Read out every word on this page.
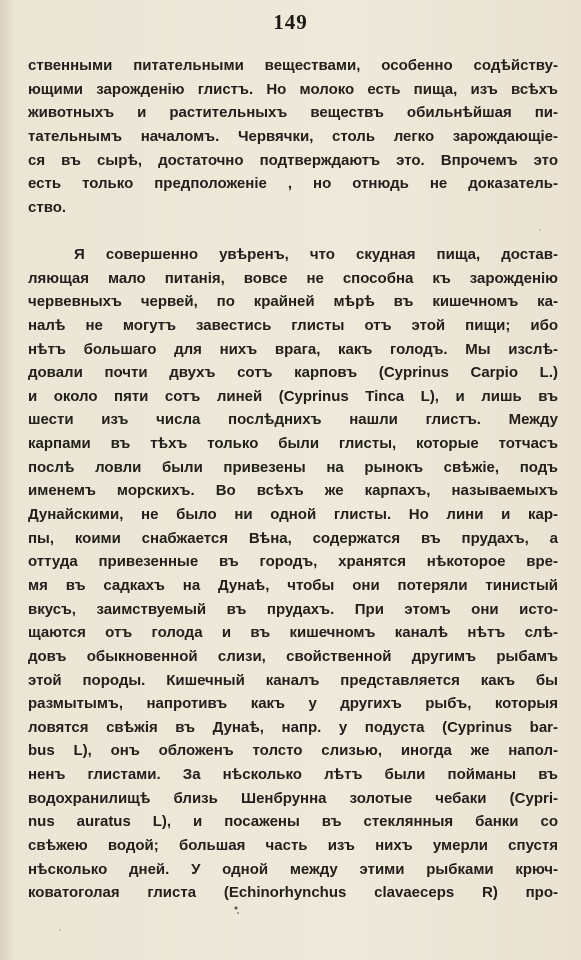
149
ственными питательными веществами, особенно содѣйству-
ющими зарожденію глистъ. Но молоко есть пища, изъ всѣхъ
животныхъ и растительныхъ веществъ обильнѣйшая пи-
тательнымъ началомъ. Червячки, столь легко зарождающіе-
ся въ сырѣ, достаточно подтверждаютъ это. Впрочемъ это
есть только предположеніе , но отнюдь не доказатель-
ство.
Я совершенно увѣренъ, что скудная пища, достав-
ляющая мало питанія, вовсе не способна къ зарожденію
червевныхъ червей, по крайней мѣрѣ въ кишечномъ ка-
налѣ не могутъ завестись глисты отъ этой пищи; ибо
нѣтъ большаго для нихъ врага, какъ голодъ. Мы изслѣ-
довали почти двухъ сотъ карповъ (Cyprinus Carpio L.)
и около пяти сотъ линей (Cyprinus Tinca L), и лишь въ
шести изъ числа послѣднихъ нашли глистъ. Между
карпами въ тѣхъ только были глисты, которые тотчасъ
послѣ ловли были привезены на рынокъ свѣжіе, подъ
именемъ морскихъ. Во всѣхъ же карпахъ, называемыхъ
Дунайскими, не было ни одной глисты. Но лини и кар-
пы, коими снабжается Вѣна, содержатся въ прудахъ, а
оттуда привезенные въ городъ, хранятся нѣкоторое вре-
мя въ садкахъ на Дунаѣ, чтобы они потеряли тинистый
вкусъ, заимствуемый въ прудахъ. При этомъ они исто-
щаются отъ голода и въ кишечномъ каналѣ нѣтъ слѣ-
довъ обыкновенной слизи, свойственной другимъ рыбамъ
этой породы. Кишечный каналъ представляется какъ бы
размытымъ, напротивъ какъ у другихъ рыбъ, которыя
ловятся свѣжія въ Дунаѣ, напр. у подуста (Cyprinus bar-
bus L), онъ обложенъ толсто слизью, иногда же напол-
ненъ глистами. За нѣсколько лѣтъ были пойманы въ
водохранилищѣ близь Шенбрунна золотые чебаки (Cypri-
nus auratus L), и посажены въ стеклянныя банки со
свѣжею водой; большая часть изъ нихъ умерли спустя
нѣсколько дней. У одной между этими рыбками крюч-
коватоголая глиста (Echinorhynchus clavaeceps R) про-
